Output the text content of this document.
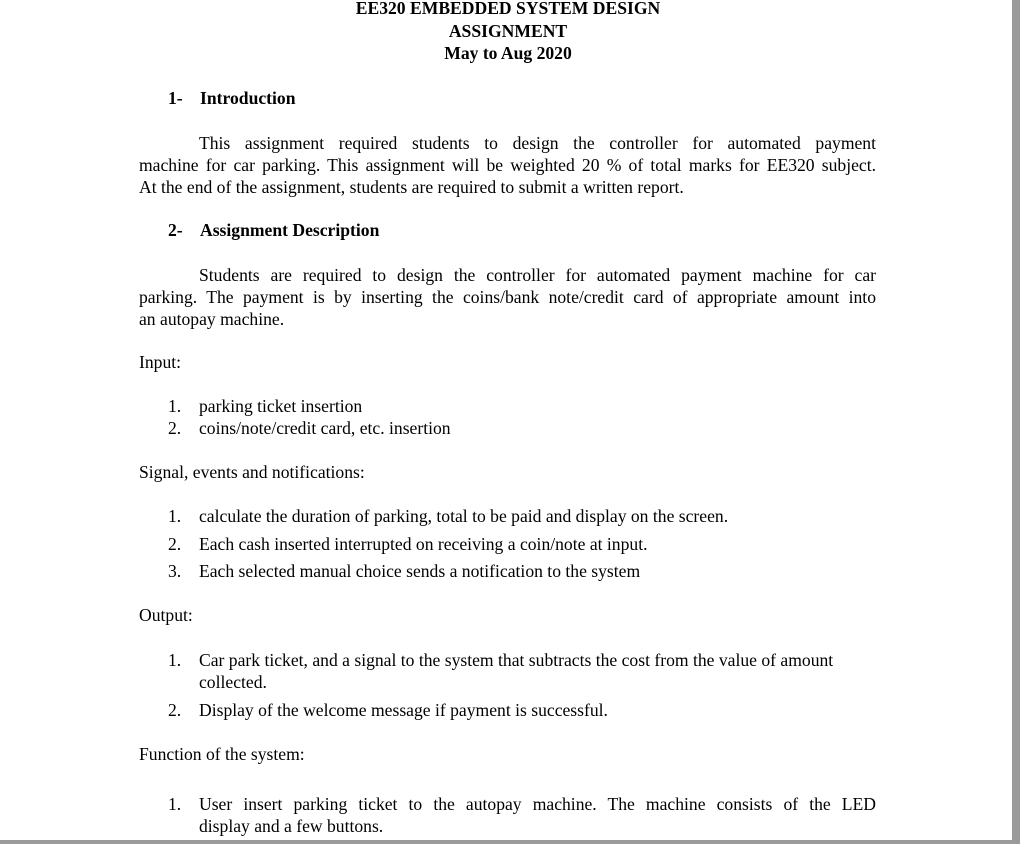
EE320 EMBEDDED SYSTEM DESIGN
ASSIGNMENT
May to Aug 2020
1- Introduction
This assignment required students to design the controller for automated payment
machine for car parking. This assignment will be weighted 20 % of total marks for EE320 subject.
At the end of the assignment, students are required to submit a written report.
2- Assignment Description
Students are required to design the controller for automated payment machine for car
parking. The payment is by inserting the coins/bank note/credit card of appropriate amount into
an autopay machine.
Input:
1. parking ticket insertion
2. coins/note/credit card, etc. insertion
Signal, events and notifications:
1. calculate the duration of parking, total to be paid and display on the screen.
2. Each cash inserted interrupted on receiving a coin/note at input.
3. Each selected manual choice sends a notification to the system
Output:
1. Car park ticket, and a signal to the system that subtracts the cost from the value of amount
collected.
2. Display of the welcome message if payment is successful.
Function of the system:
1. User insert parking ticket to the autopay machine. The machine consists of the LED
display and a few buttons.
